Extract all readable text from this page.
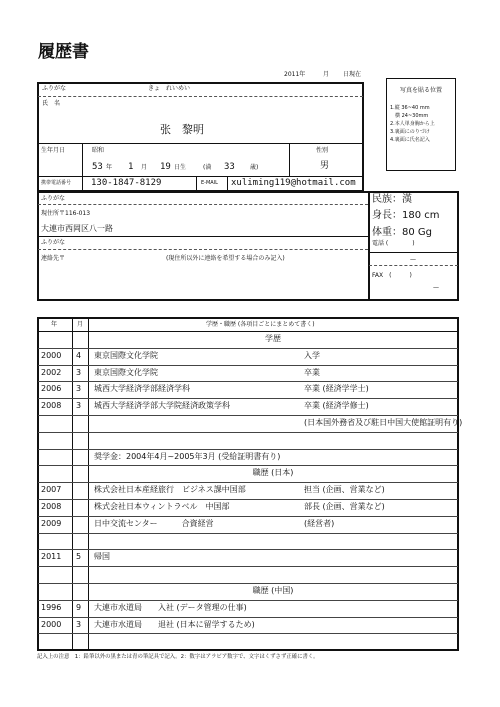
履歴書
2011年	月 日現在
写真を貼る位置
1.縦 36~40 mm
　横 24~30mm
2.本人単身胸から上
3.裏面にのりづけ
4.裏面に氏名記入
ふりがな	きょ　れいめい
氏　名
张　黎明
生年月日	昭和
53 年 1 月 19 日生	(満 33	歳)
性別
男
携帯電話番号 130-1847-8129	E-MAIL xuliming119@hotmail.com
ふりがな
現住所〒116-013
大連市西岡区八一路
ふりがな
連絡先〒	(現住所以外に連絡を希望する場合のみ記入)
民族：漢
身長：180 cm
体重：80 Gg
電話 (　　　　)
—
FAX　(　　　)
—
年	月	学歴・職歴 (各項目ごとにまとめて書く)
学歴
2000 4 東京国際文化学院	入学
2002 3 東京国際文化学院	卒業
2006 3 城西大学経済学部経済学科	卒業 (経済学学士)
2008 3 城西大学経済学部大学院経済政策学科	卒業 (経済学修士)
(日本国外務省及び駐日中国大使館証明有り)
奨学金：2004年4月~2005年3月 (受給証明書有り)
職歴 (日本)
2007	株式会社日本産経旅行　ビジネス課中国部	担当 (企画、営業など)
2008	株式会社日本ウィントラベル　中国部	部長 (企画、営業など)
2009	日中交流センター　　　合資経営	(経営者)
2011 5 帰国
職歴 (中国)
1996 9 大連市水道局　　入社 (データ管理の仕事)
2000 3 大連市水道局　　退社 (日本に留学するため)
記入上の注意　1：鉛筆以外の黒または青の筆記具で記入。2：数字はアラビア数字で、文字はくずさず正確に書く。
